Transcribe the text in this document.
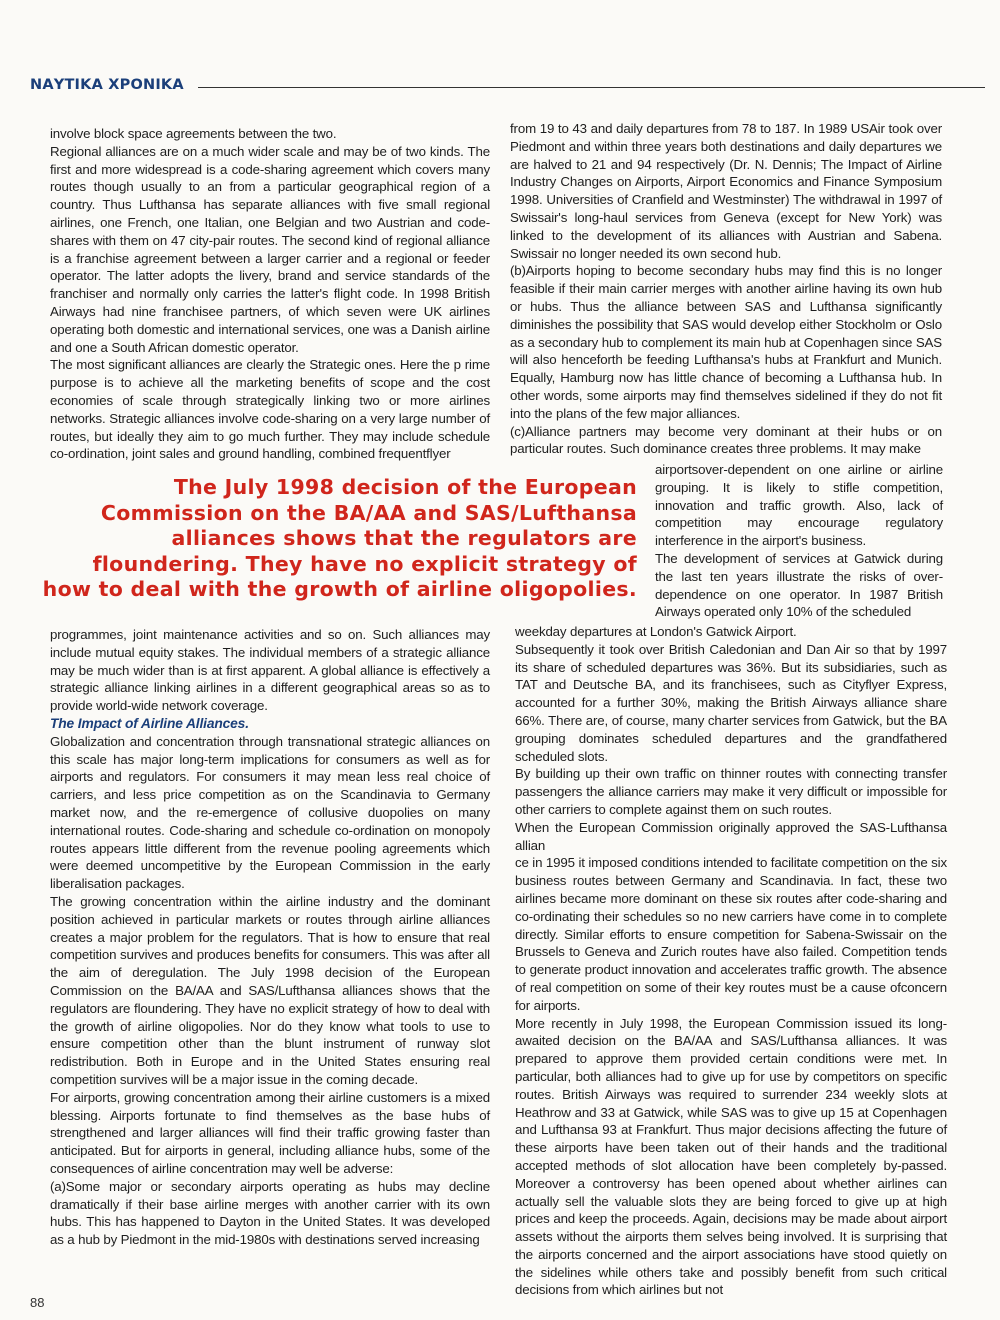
ΝΑΥΤΙΚΑ ΧΡΟΝΙΚΑ

involve block space agreements between the two.

Regional alliances are on a much wider scale and may be of two kinds. The first and more widespread is a code-sharing agreement which covers many routes though usually to an from a particular geographical region of a country. Thus Lufthansa has separate alliances with five small regional airlines, one French, one Italian, one Belgian and two Austrian and code-shares with them on 47 city-pair routes. The second kind of regional alliance is a franchise agreement between a larger carrier and a regional or feeder operator. The latter adopts the livery, brand and service standards of the franchiser and normally only carries the latter's flight code. In 1998 British Airways had nine franchisee partners, of which seven were UK airlines operating both domestic and international services, one was a Danish airline and one a South African domestic operator.

The most significant alliances are clearly the Strategic ones. Here the p rime purpose is to achieve all the marketing benefits of scope and the cost economies of scale through strategically linking two or more airlines networks. Strategic alliances involve code-sharing on a very large number of routes, but ideally they aim to go much further. They may include schedule co-ordination, joint sales and ground handling, combined frequentflyer

The July 1998 decision of the European Commission on the BA/AA and SAS/Lufthansa alliances shows that the regulators are floundering. They have no explicit strategy of how to deal with the growth of airline oligopolies.

programmes, joint maintenance activities and so on. Such alliances may include mutual equity stakes. The individual members of a strategic alliance may be much wider than is at first apparent. A global alliance is effectively a strategic alliance linking airlines in a different geographical areas so as to provide world-wide network coverage.

The Impact of Airline Alliances.

Globalization and concentration through transnational strategic alliances on this scale has major long-term implications for consumers as well as for airports and regulators. For consumers it may mean less real choice of carriers, and less price competition as on the Scandinavia to Germany market now, and the re-emergence of collusive duopolies on many international routes. Code-sharing and schedule co-ordination on monopoly routes appears little different from the revenue pooling agreements which were deemed uncompetitive by the European Commission in the early liberalisation packages.

The growing concentration within the airline industry and the dominant position achieved in particular markets or routes through airline alliances creates a major problem for the regulators. That is how to ensure that real competition survives and produces benefits for consumers. This was after all the aim of deregulation. The July 1998 decision of the European Commission on the BA/AA and SAS/Lufthansa alliances shows that the regulators are floundering. They have no explicit strategy of how to deal with the growth of airline oligopolies. Nor do they know what tools to use to ensure competition other than the blunt instrument of runway slot redistribution. Both in Europe and in the United States ensuring real competition survives will be a major issue in the coming decade.

For airports, growing concentration among their airline customers is a mixed blessing. Airports fortunate to find themselves as the base hubs of strengthened and larger alliances will find their traffic growing faster than anticipated. But for airports in general, including alliance hubs, some of the consequences of airline concentration may well be adverse:

(a)Some major or secondary airports operating as hubs may decline dramatically if their base airline merges with another carrier with its own hubs. This has happened to Dayton in the United States. It was developed as a hub by Piedmont in the mid-1980s with destinations served increasing

from 19 to 43 and daily departures from 78 to 187. In 1989 USAir took over Piedmont and within three years both destinations and daily departures we are halved to 21 and 94 respectively (Dr. N. Dennis; The Impact of Airline Industry Changes on Airports, Airport Economics and Finance Symposium 1998. Universities of Cranfield and Westminster) The withdrawal in 1997 of Swissair's long-haul services from Geneva (except for New York) was linked to the development of its alliances with Austrian and Sabena. Swissair no longer needed its own second hub.

(b)Airports hoping to become secondary hubs may find this is no longer feasible if their main carrier merges with another airline having its own hub or hubs. Thus the alliance between SAS and Lufthansa significantly diminishes the possibility that SAS would develop either Stockholm or Oslo as a secondary hub to complement its main hub at Copenhagen since SAS will also henceforth be feeding Lufthansa's hubs at Frankfurt and Munich. Equally, Hamburg now has little chance of becoming a Lufthansa hub. In other words, some airports may find themselves sidelined if they do not fit into the plans of the few major alliances.

(c)Alliance partners may become very dominant at their hubs or on particular routes. Such dominance creates three problems. It may make

airportsover-dependent on one airline or airline grouping. It is likely to stifle competition, innovation and traffic growth. Also, lack of competition may encourage regulatory interference in the airport's business.

The development of services at Gatwick during the last ten years illustrate the risks of over-dependence on one operator. In 1987 British Airways operated only 10% of the scheduled

weekday departures at London's Gatwick Airport.

Subsequently it took over British Caledonian and Dan Air so that by 1997 its share of scheduled departures was 36%. But its subsidiaries, such as TAT and Deutsche BA, and its franchisees, such as Cityflyer Express, accounted for a further 30%, making the British Airways alliance share 66%. There are, of course, many charter services from Gatwick, but the BA grouping dominates scheduled departures and the grandfathered scheduled slots.

By building up their own traffic on thinner routes with connecting transfer passengers the alliance carriers may make it very difficult or impossible for other carriers to complete against them on such routes.

When the European Commission originally approved the SAS-Lufthansa allian

ce in 1995 it imposed conditions intended to facilitate competition on the six business routes between Germany and Scandinavia. In fact, these two airlines became more dominant on these six routes after code-sharing and co-ordinating their schedules so no new carriers have come in to complete directly. Similar efforts to ensure competition for Sabena-Swissair on the Brussels to Geneva and Zurich routes have also failed. Competition tends to generate product innovation and accelerates traffic growth. The absence of real competition on some of their key routes must be a cause ofconcern for airports.

More recently in July 1998, the European Commission issued its long-awaited decision on the BA/AA and SAS/Lufthansa alliances. It was prepared to approve them provided certain conditions were met. In particular, both alliances had to give up for use by competitors on specific routes. British Airways was required to surrender 234 weekly slots at Heathrow and 33 at Gatwick, while SAS was to give up 15 at Copenhagen and Lufthansa 93 at Frankfurt. Thus major decisions affecting the future of these airports have been taken out of their hands and the traditional accepted methods of slot allocation have been completely by-passed. Moreover a controversy has been opened about whether airlines can actually sell the valuable slots they are being forced to give up at high prices and keep the proceeds. Again, decisions may be made about airport assets without the airports them selves being involved. It is surprising that the airports concerned and the airport associations have stood quietly on the sidelines while others take and possibly benefit from such critical decisions from which airlines but not

88
